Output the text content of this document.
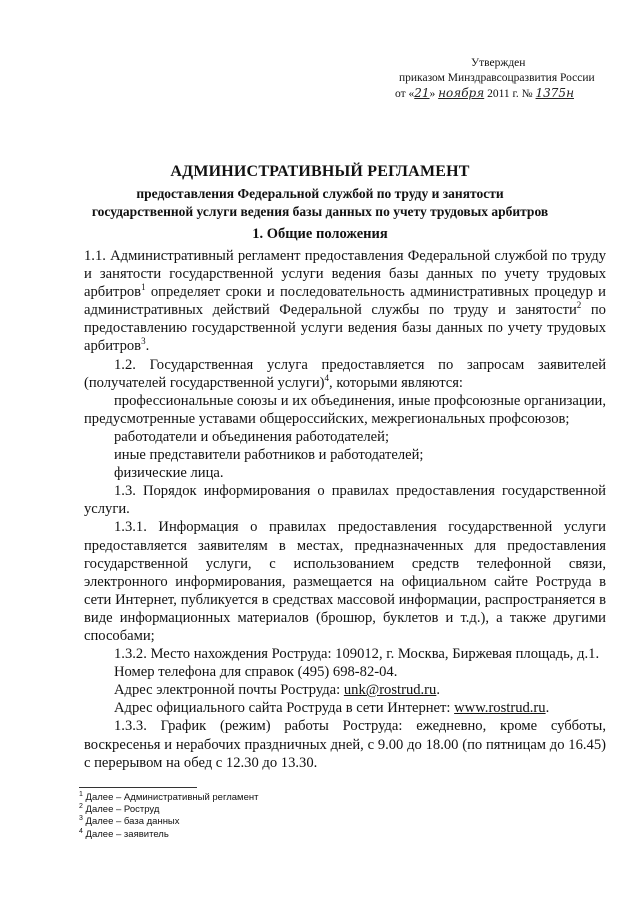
Утвержден
приказом Минздравсоцразвития России
от «21» ноября 2011 г. № 1375н
АДМИНИСТРАТИВНЫЙ РЕГЛАМЕНТ
предоставления Федеральной службой по труду и занятости
государственной услуги ведения базы данных по учету трудовых арбитров
1. Общие положения

1.1. Административный регламент предоставления Федеральной службой по труду и занятости государственной услуги ведения базы данных по учету трудовых арбитров$^1$ определяет сроки и последовательность административных процедур и административных действий Федеральной службы по труду и занятости$^2$ по предоставлению государственной услуги ведения базы данных по учету трудовых арбитров$^3$.

1.2. Государственная услуга предоставляется по запросам заявителей (получателей государственной услуги)$^4$, которыми являются:

профессиональные союзы и их объединения, иные профсоюзные организации, предусмотренные уставами общероссийских, межрегиональных профсоюзов;

работодатели и объединения работодателей;

иные представители работников и работодателей;

физические лица.

1.3. Порядок информирования о правилах предоставления государственной услуги.

1.3.1. Информация о правилах предоставления государственной услуги предоставляется заявителям в местах, предназначенных для предоставления государственной услуги, с использованием средств телефонной связи, электронного информирования, размещается на официальном сайте Роструда в сети Интернет, публикуется в средствах массовой информации, распространяется в виде информационных материалов (брошюр, буклетов и т.д.), а также другими способами;

1.3.2. Место нахождения Роструда: 109012, г. Москва, Биржевая площадь, д.1.

Номер телефона для справок (495) 698-82-04.

Адрес электронной почты Роструда: unk@rostrud.ru.

Адрес официального сайта Роструда в сети Интернет: www.rostrud.ru.

1.3.3. График (режим) работы Роструда: ежедневно, кроме субботы, воскресенья и нерабочих праздничных дней, с 9.00 до 18.00 (по пятницам до 16.45) с перерывом на обед с 12.30 до 13.30.

$^1$ Далее – Административный регламент
$^2$ Далее – Роструд
$^3$ Далее – база данных
$^4$ Далее – заявитель
